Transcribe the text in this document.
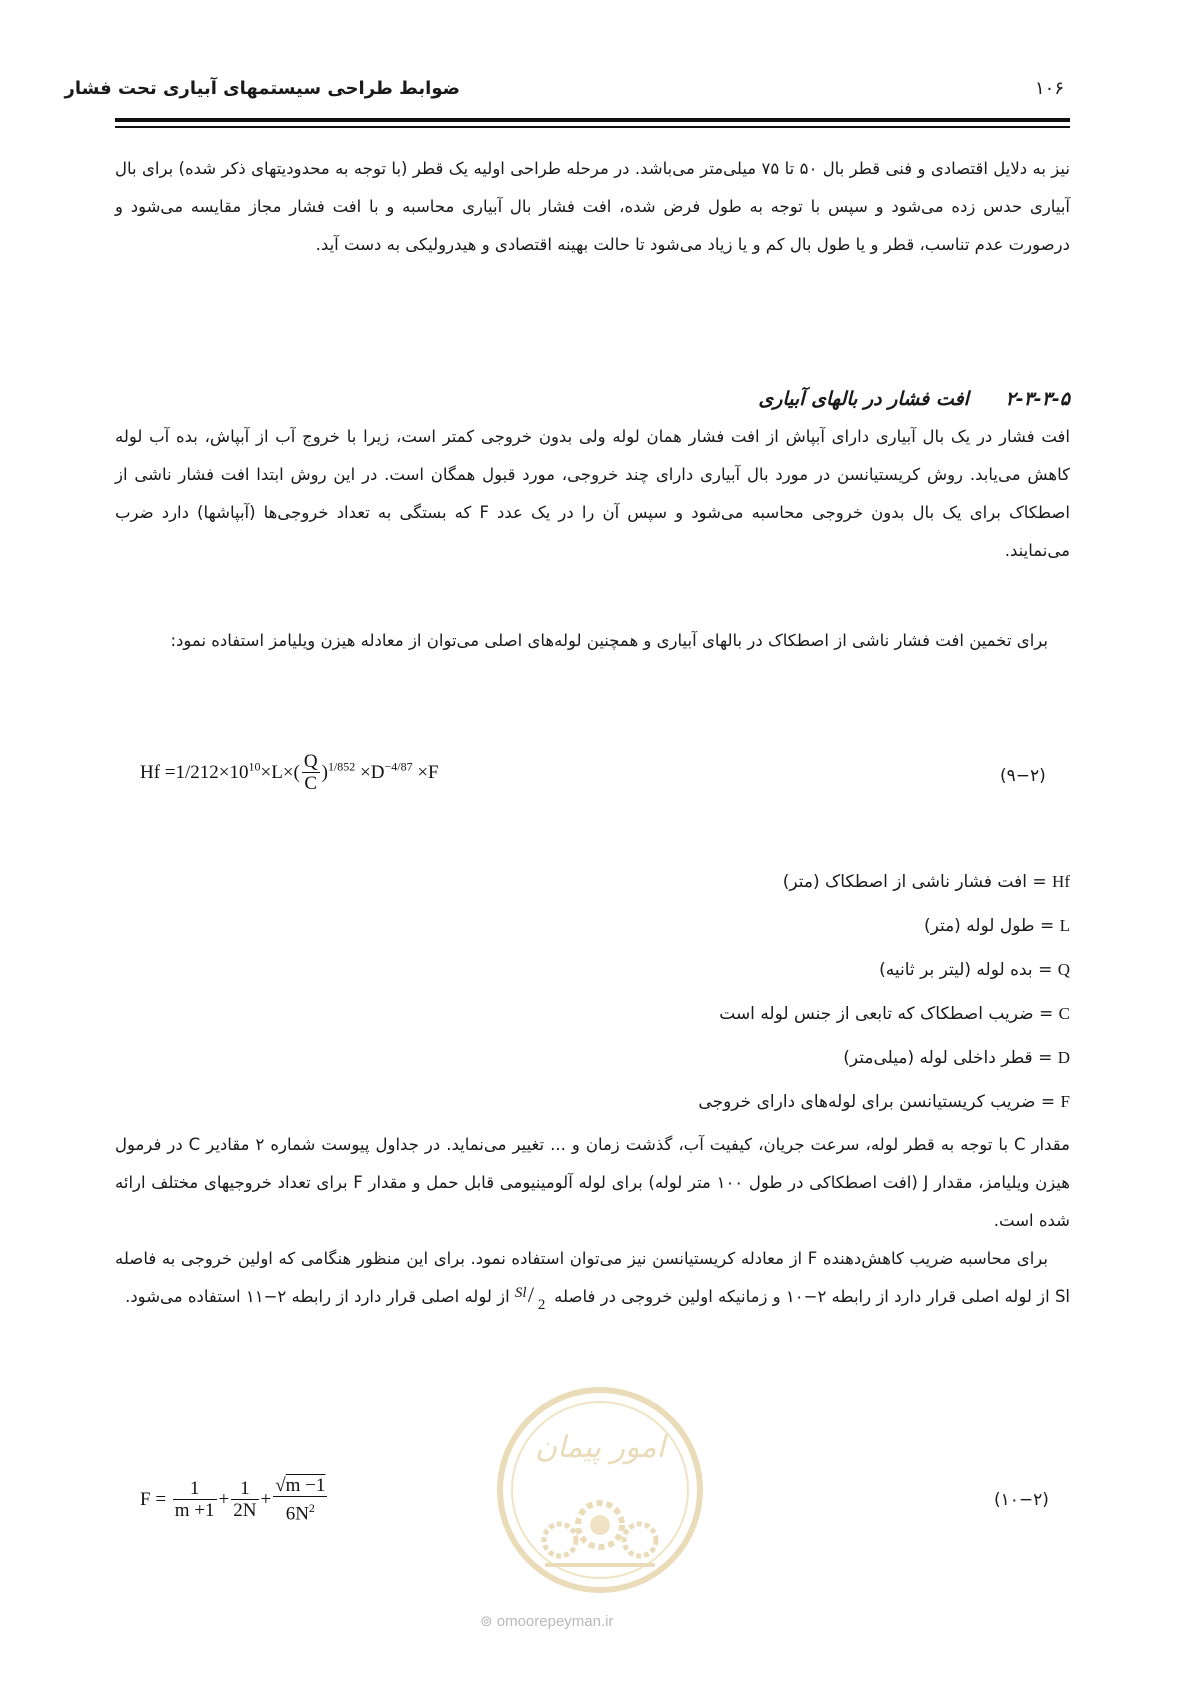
ضوابط طراحی سیستمهای آبیاری تحت فشار	۱۰۶
نیز به دلایل اقتصادی و فنی قطر بال ۵۰ تا ۷۵ میلی‌متر می‌باشد. در مرحله طراحی اولیه یک قطر (با توجه به محدودیتهای ذکر شده) برای بال آبیاری حدس زده می‌شود و سپس با توجه به طول فرض شده، افت فشار بال آبیاری محاسبه و با افت فشار مجاز مقایسه می‌شود و درصورت عدم تناسب، قطر و یا طول بال کم و یا زیاد می‌شود تا حالت بهینه اقتصادی و هیدرولیکی به دست آید.
۲-۳-۳-۵ افت فشار در بالهای آبیاری
افت فشار در یک بال آبیاری دارای آبپاش از افت فشار همان لوله ولی بدون خروجی کمتر است، زیرا با خروج آب از آبپاش، بده آب لوله کاهش می‌یابد. روش کریستیانسن در مورد بال آبیاری دارای چند خروجی، مورد قبول همگان است. در این روش ابتدا افت فشار ناشی از اصطکاک برای یک بال بدون خروجی محاسبه می‌شود و سپس آن را در یک عدد F که بستگی به تعداد خروجی‌ها (آبپاشها) دارد ضرب می‌نمایند.
برای تخمین افت فشار ناشی از اصطکاک در بالهای آبیاری و همچنین لوله‌های اصلی می‌توان از معادله هیزن ویلیامز استفاده نمود:
$Hf =1/212\times 10^{10}\times L\times( \frac{Q}{C} )^{1/852} \times D^{-4/87} \times F$	(۹−۲)
Hf = افت فشار ناشی از اصطکاک (متر)
L = طول لوله (متر)
Q = بده لوله (لیتر بر ثانیه)
C = ضریب اصطکاک که تابعی از جنس لوله است
D = قطر داخلی لوله (میلی‌متر)
F = ضریب کریستیانسن برای لوله‌های دارای خروجی
مقدار C با توجه به قطر لوله، سرعت جریان، کیفیت آب، گذشت زمان و ... تغییر می‌نماید. در جداول پیوست شماره ۲ مقادیر C در فرمول هیزن ویلیامز، مقدار J (افت اصطکاکی در طول ۱۰۰ متر لوله) برای لوله آلومینیومی قابل حمل و مقدار F برای تعداد خروجیهای مختلف ارائه شده است.
برای محاسبه ضریب کاهش‌دهنده F از معادله کریستیانسن نیز می‌توان استفاده نمود. برای این منظور هنگامی که اولین خروجی به فاصله Sl از لوله اصلی قرار دارد از رابطه ۲−۱۰ و زمانیکه اولین خروجی در فاصله
Sl / 2
از لوله اصلی قرار دارد از رابطه ۲−۱۱ استفاده می‌شود.
امور پیمان
⊚ omoorepeyman.ir
$F = \frac{1}{m +1} + \frac{1}{2N} + \frac{√m -1}{6N^2}$	(۱۰−۲)
